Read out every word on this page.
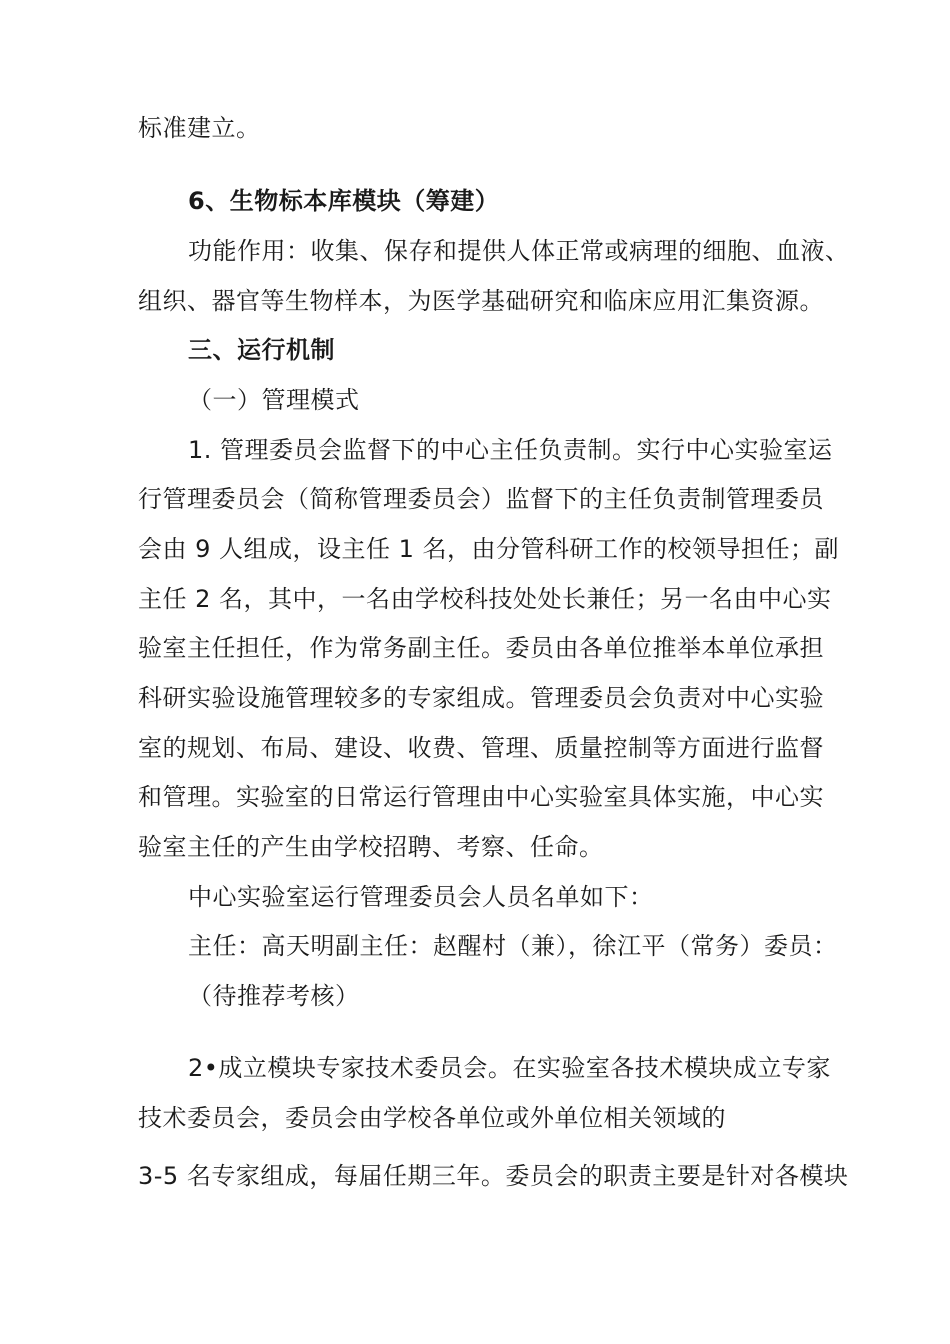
标准建立。
6、生物标本库模块（筹建）
功能作用：收集、保存和提供人体正常或病理的细胞、血液、
组织、器官等生物样本，为医学基础研究和临床应用汇集资源。
三、运行机制
（一）管理模式
1. 管理委员会监督下的中心主任负责制。实行中心实验室运
行管理委员会（简称管理委员会）监督下的主任负责制管理委员
会由 9 人组成，设主任 1 名，由分管科研工作的校领导担任；副
主任 2 名，其中，一名由学校科技处处长兼任；另一名由中心实
验室主任担任，作为常务副主任。委员由各单位推举本单位承担
科研实验设施管理较多的专家组成。管理委员会负责对中心实验
室的规划、布局、建设、收费、管理、质量控制等方面进行监督
和管理。实验室的日常运行管理由中心实验室具体实施，中心实
验室主任的产生由学校招聘、考察、任命。
中心实验室运行管理委员会人员名单如下：
主任：高天明副主任：赵醒村（兼），徐江平（常务）委员：
（待推荐考核）
2•成立模块专家技术委员会。在实验室各技术模块成立专家
技术委员会，委员会由学校各单位或外单位相关领域的
3-5 名专家组成，每届任期三年。委员会的职责主要是针对各模块
